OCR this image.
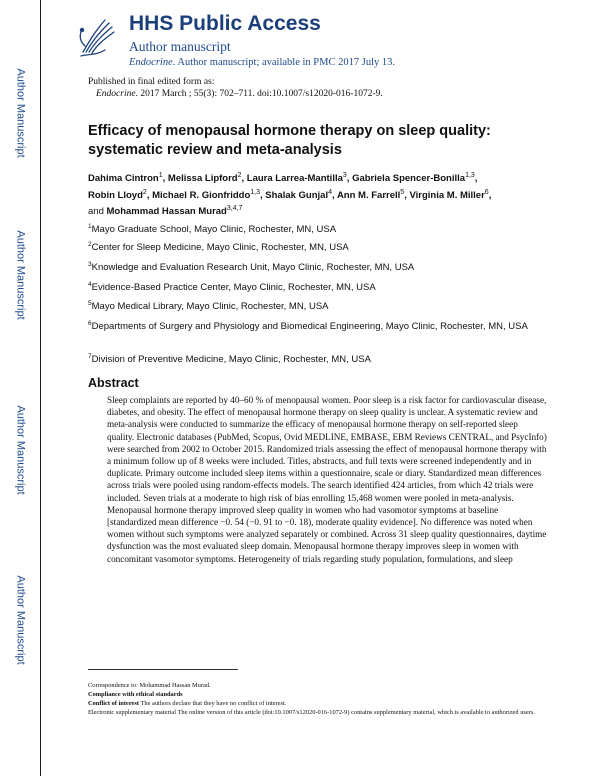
Author Manuscript
Author Manuscript
Author Manuscript
Author Manuscript
HHS Public Access
Author manuscript
Endocrine. Author manuscript; available in PMC 2017 July 13.
Published in final edited form as:
Endocrine. 2017 March ; 55(3): 702–711. doi:10.1007/s12020-016-1072-9.
Efficacy of menopausal hormone therapy on sleep quality: systematic review and meta-analysis
Dahima Cintron$^1$, Melissa Lipford$^2$, Laura Larrea-Mantilla$^3$, Gabriela Spencer-Bonilla$^{1,3}$,
Robin Lloyd$^2$, Michael R. Gionfriddo$^{1,3}$, Shalak Gunjal$^4$, Ann M. Farrell$^5$, Virginia M. Miller$^6$,
and Mohammad Hassan Murad$^{3,4,7}$
$^1$Mayo Graduate School, Mayo Clinic, Rochester, MN, USA
$^2$Center for Sleep Medicine, Mayo Clinic, Rochester, MN, USA
$^3$Knowledge and Evaluation Research Unit, Mayo Clinic, Rochester, MN, USA
$^4$Evidence-Based Practice Center, Mayo Clinic, Rochester, MN, USA
$^5$Mayo Medical Library, Mayo Clinic, Rochester, MN, USA
$^6$Departments of Surgery and Physiology and Biomedical Engineering, Mayo Clinic, Rochester, MN, USA
$^7$Division of Preventive Medicine, Mayo Clinic, Rochester, MN, USA
Abstract
Sleep complaints are reported by 40–60 % of menopausal women. Poor sleep is a risk factor for cardiovascular disease, diabetes, and obesity. The effect of menopausal hormone therapy on sleep quality is unclear. A systematic review and meta-analysis were conducted to summarize the efficacy of menopausal hormone therapy on self-reported sleep quality. Electronic databases (PubMed, Scopus, Ovid MEDLINE, EMBASE, EBM Reviews CENTRAL, and PsycInfo) were searched from 2002 to October 2015. Randomized trials assessing the effect of menopausal hormone therapy with a minimum follow up of 8 weeks were included. Titles, abstracts, and full texts were screened independently and in duplicate. Primary outcome included sleep items within a questionnaire, scale or diary. Standardized mean differences across trials were pooled using random-effects models. The search identified 424 articles, from which 42 trials were included. Seven trials at a moderate to high risk of bias enrolling 15,468 women were pooled in meta-analysis. Menopausal hormone therapy improved sleep quality in women who had vasomotor symptoms at baseline [standardized mean difference −0. 54 (−0. 91 to −0. 18), moderate quality evidence]. No difference was noted when women without such symptoms were analyzed separately or combined. Across 31 sleep quality questionnaires, daytime dysfunction was the most evaluated sleep domain. Menopausal hormone therapy improves sleep in women with concomitant vasomotor symptoms. Heterogeneity of trials regarding study population, formulations, and sleep

Correspondence to: Mohammad Hassan Murad.

Compliance with ethical standards

Conflict of interest The authors declare that they have no conflict of interest.

Electronic supplementary material The online version of this article (doi:10.1007/s12020-016-1072-9) contains supplementary material, which is available to authorized users.
